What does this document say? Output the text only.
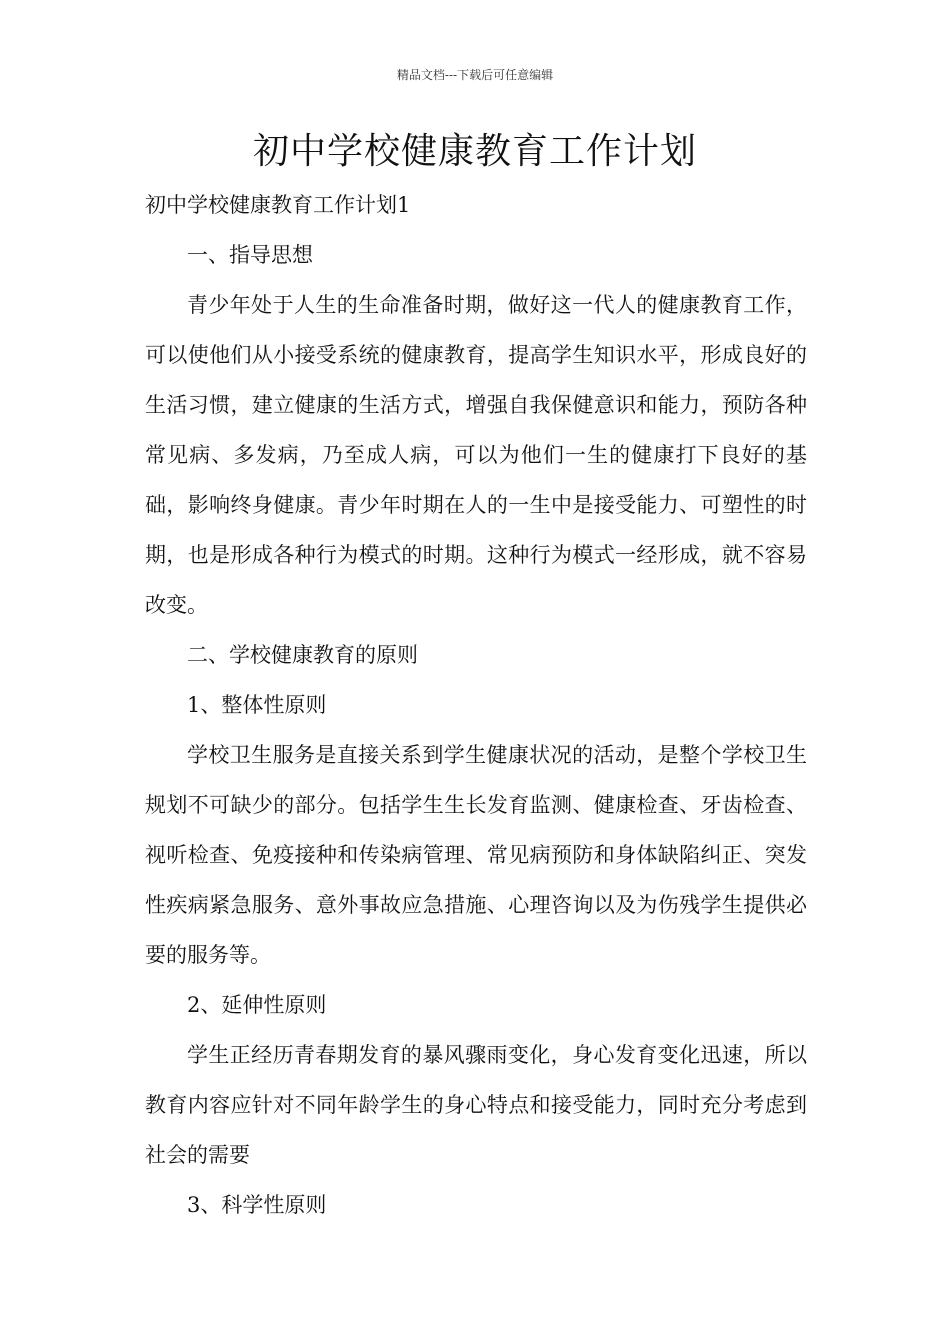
精品文档---下载后可任意编辑
初中学校健康教育工作计划

初中学校健康教育工作计划1

一、指导思想

青少年处于人生的生命准备时期，做好这一代人的健康教育工作，可以使他们从小接受系统的健康教育，提高学生知识水平，形成良好的生活习惯，建立健康的生活方式，增强自我保健意识和能力，预防各种常见病、多发病，乃至成人病，可以为他们一生的健康打下良好的基础，影响终身健康。青少年时期在人的一生中是接受能力、可塑性的时期，也是形成各种行为模式的时期。这种行为模式一经形成，就不容易改变。

二、学校健康教育的原则

1、整体性原则

学校卫生服务是直接关系到学生健康状况的活动，是整个学校卫生规划不可缺少的部分。包括学生生长发育监测、健康检查、牙齿检查、视听检查、免疫接种和传染病管理、常见病预防和身体缺陷纠正、突发性疾病紧急服务、意外事故应急措施、心理咨询以及为伤残学生提供必要的服务等。

2、延伸性原则

学生正经历青春期发育的暴风骤雨变化，身心发育变化迅速，所以教育内容应针对不同年龄学生的身心特点和接受能力，同时充分考虑到社会的需要

3、科学性原则
